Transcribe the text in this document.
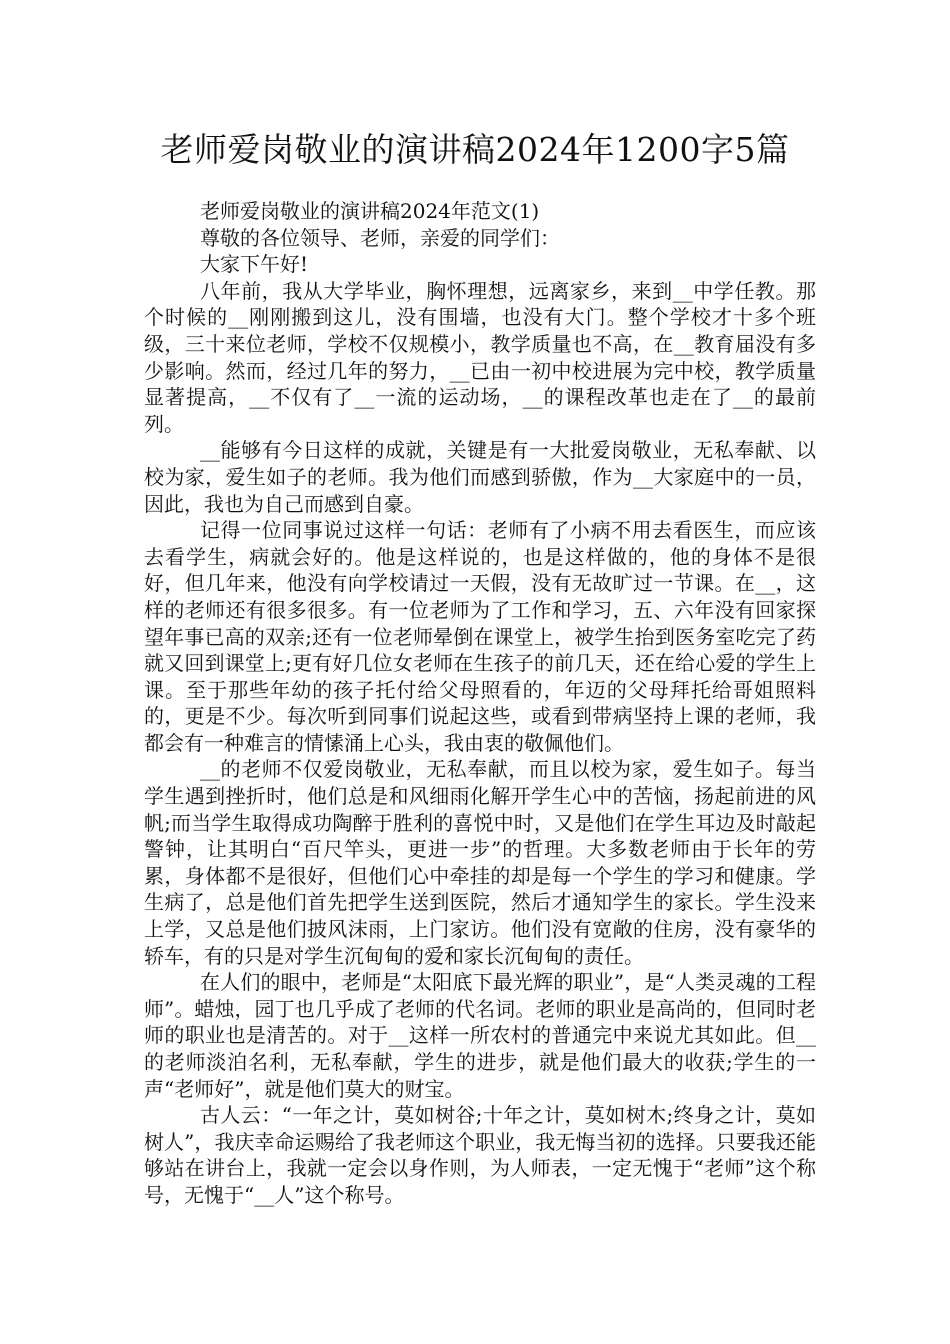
老师爱岗敬业的演讲稿2024年1200字5篇

老师爱岗敬业的演讲稿2024年范文(1)

尊敬的各位领导、老师，亲爱的同学们：

大家下午好!

八年前，我从大学毕业，胸怀理想，远离家乡，来到__中学任教。那个时候的__刚刚搬到这儿，没有围墙，也没有大门。整个学校才十多个班级，三十来位老师，学校不仅规模小，教学质量也不高，在__教育届没有多少影响。然而，经过几年的努力，__已由一初中校进展为完中校，教学质量显著提高，__不仅有了__一流的运动场，__的课程改革也走在了__的最前列。

__能够有今日这样的成就，关键是有一大批爱岗敬业，无私奉献、以校为家，爱生如子的老师。我为他们而感到骄傲，作为__大家庭中的一员，因此，我也为自己而感到自豪。

记得一位同事说过这样一句话：老师有了小病不用去看医生，而应该去看学生，病就会好的。他是这样说的，也是这样做的，他的身体不是很好，但几年来，他没有向学校请过一天假，没有无故旷过一节课。在__，这样的老师还有很多很多。有一位老师为了工作和学习，五、六年没有回家探望年事已高的双亲;还有一位老师晕倒在课堂上，被学生抬到医务室吃完了药就又回到课堂上;更有好几位女老师在生孩子的前几天，还在给心爱的学生上课。至于那些年幼的孩子托付给父母照看的，年迈的父母拜托给哥姐照料的，更是不少。每次听到同事们说起这些，或看到带病坚持上课的老师，我都会有一种难言的情愫涌上心头，我由衷的敬佩他们。

__的老师不仅爱岗敬业，无私奉献，而且以校为家，爱生如子。每当学生遇到挫折时，他们总是和风细雨化解开学生心中的苦恼，扬起前进的风帆;而当学生取得成功陶醉于胜利的喜悦中时，又是他们在学生耳边及时敲起警钟，让其明白“百尺竿头，更进一步”的哲理。大多数老师由于长年的劳累，身体都不是很好，但他们心中牵挂的却是每一个学生的学习和健康。学生病了，总是他们首先把学生送到医院，然后才通知学生的家长。学生没来上学，又总是他们披风沫雨，上门家访。他们没有宽敞的住房，没有豪华的轿车，有的只是对学生沉甸甸的爱和家长沉甸甸的责任。

在人们的眼中，老师是“太阳底下最光辉的职业”，是“人类灵魂的工程师”。蜡烛，园丁也几乎成了老师的代名词。老师的职业是高尚的，但同时老师的职业也是清苦的。对于__这样一所农村的普通完中来说尤其如此。但__的老师淡泊名利，无私奉献，学生的进步，就是他们最大的收获;学生的一声“老师好”，就是他们莫大的财宝。

古人云：“一年之计，莫如树谷;十年之计，莫如树木;终身之计，莫如树人”，我庆幸命运赐给了我老师这个职业，我无悔当初的选择。只要我还能够站在讲台上，我就一定会以身作则，为人师表，一定无愧于“老师”这个称号，无愧于“__人”这个称号。
